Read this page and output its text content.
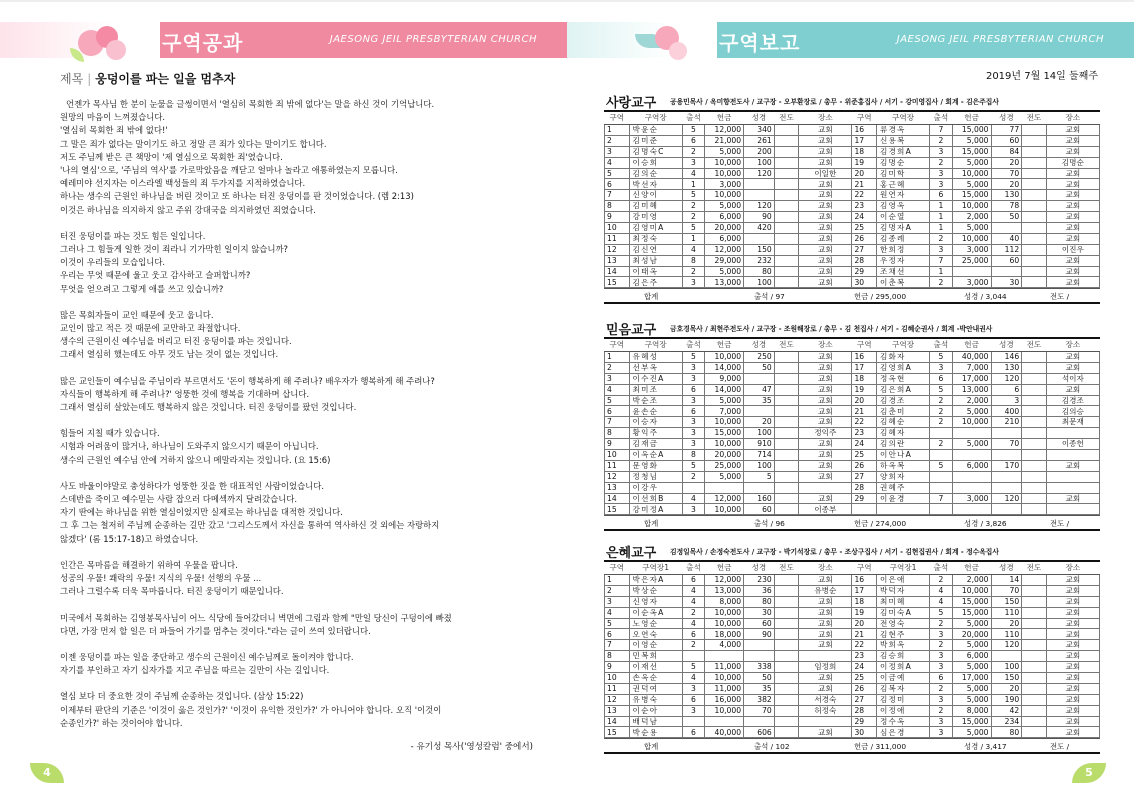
구역공과	JAESONG JEIL PRESBYTERIAN CHURCH
제목 | 웅덩이를 파는 일을 멈추자

언젠가 목사님 한 분이 눈물을 글썽이면서 '열심히 목회한 죄 밖에 없다'는 말을 하신 것이 기억납니다.
원망의 마음이 느껴졌습니다.
'열심히 목회한 죄 밖에 없다!'
그 말은 죄가 없다는 말이기도 하고 정말 큰 죄가 있다는 말이기도 합니다.
저도 주님께 받은 큰 책망이 '제 열심으로 목회한 죄'였습니다.
'나의 열심'으로, '주님의 역사'를 가로막았음을 깨닫고 얼마나 놀라고 애통하였는지 모릅니다.
예레미야 선지자는 이스라엘 백성들의 죄 두가지를 지적하였습니다.
하나는 생수의 근원인 하나님을 버린 것이고 또 하나는 터진 웅덩이를 판 것이었습니다. (렘 2:13)
이것은 하나님을 의지하지 않고 주위 강대국을 의지하였던 죄였습니다.

터진 웅덩이를 파는 것도 힘든 일입니다.
그러나 그 힘들게 일한 것이 죄라니 기가막힌 일이지 않습니까?
이것이 우리들의 모습입니다.
우리는 무엇 때문에 울고 웃고 감사하고 슬퍼합니까?
무엇을 얻으려고 그렇게 애를 쓰고 있습니까?

많은 목회자들이 교인 때문에 웃고 웁니다.
교인이 많고 적은 것 때문에 교만하고 좌절합니다.
생수의 근원이신 예수님을 버리고 터진 웅덩이를 파는 것입니다.
그래서 열심히 했는데도 아무 것도 남는 것이 없는 것입니다.

많은 교인들이 예수님을 주님이라 부르면서도 '돈이 행복하게 해 주려나? 배우자가 행복하게 해 주려나?
자식들이 행복하게 해 주려나?' 엉뚱한 것에 행복을 기대하며 삽니다.
그래서 열심히 살았는데도 행복하지 않은 것입니다. 터진 웅덩이를 팠던 것입니다.

힘들어 지칠 때가 있습니다.
시험과 어려움이 많거나, 하나님이 도와주지 않으시기 때문이 아닙니다.
생수의 근원인 예수님 안에 거하지 않으니 메말라지는 것입니다. (요 15:6)

사도 바울이야말로 충성하다가 엉뚱한 짓을 한 대표적인 사람이었습니다.
스데반을 죽이고 예수믿는 사람 잡으러 다메섹까지 달려갔습니다.
자기 딴에는 하나님을 위한 열심이었지만 실제로는 하나님을 대적한 것입니다.
그 후 그는 철저히 주님께 순종하는 길만 갔고 '그리스도께서 자신을 통하여 역사하신 것 외에는 자랑하지
않겠다' (롬 15:17-18)고 하였습니다.

인간은 목마름을 해결하기 위하여 우물을 팝니다.
성공의 우물! 쾌락의 우물! 지식의 우물! 선행의 우물 ...
그러나 그럴수록 더욱 목마릅니다. 터진 웅덩이기 때문입니다.

미국에서 목회하는 김영봉목사님이 어느 식당에 들어갔더니 벽면에 그림과 함께 "만일 당신이 구덩이에 빠졌
다면, 가장 먼저 할 일은 더 파들어 가기를 멈추는 것이다."라는 글이 쓰여 있더랍니다.

이젠 웅덩이를 파는 일을 중단하고 생수의 근원이신 예수님께로 돌이켜야 합니다.
자기를 부인하고 자기 십자가를 지고 주님을 따르는 길만이 사는 길입니다.

열심 보다 더 중요한 것이 주님께 순종하는 것입니다. (삼상 15:22)
이제부터 판단의 기준은 '이것이 옳은 것인가?' '이것이 유익한 것인가?' 가 아니어야 합니다. 오직 '이것이
순종인가?' 하는 것이어야 합니다.

- 유기성 목사('영성칼럼' 중에서)
4
구역보고	JAESONG JEIL PRESBYTERIAN CHURCH
2019년 7월 14일 둘째주
사랑교구 공용민목사 / 옥미향전도사 / 교구장 - 오부환장로 / 총무 - 위준홍집사 / 서기 - 강미영집사 / 회계 - 김은주집사
구역	구역장	출석	헌금	성경	전도	장소	구역	구역장	출석	헌금	성경	전도	장소
1	박윤순	5	12,000	340		교회	16	류경옥	7	15,000	77		교회
2	김미준	6	21,000	261		교회	17	신용복	2	5,000	60		교회
3	김명숙C	2	5,000	200		교회	18	김경희A	3	15,000	84		교회
4	이승희	3	10,000	100		교회	19	김명순	2	5,000	20		김명순
5	김의순	4	10,000	120		이일한	20	김미학	3	10,000	70		교회
6	박선자	1	3,000			교회	21	홍근혜	3	5,000	20		교회
7	신양이	5	10,000			교회	22	원연자	6	15,000	130		교회
8	김미혜	2	5,000	120		교회	23	김영옥	1	10,000	78		교회
9	강미영	2	6,000	90		교회	24	이순열	1	2,000	50		교회
10	김영미A	5	20,000	420		교회	25	김명자A	1	5,000			교회
11	최정숙	1	6,000			교회	26	김종례	2	10,000	40		교회
12	김신연	4	12,000	150		교회	27	한희정	3	3,000	112		이진우
13	최성남	8	29,000	232		교회	28	우정자	7	25,000	60		교회
14	이태옥	2	5,000	80		교회	29	조채선	1				교회
15	김은주	3	13,000	100		교회	30	이춘복	2	3,000	30		교회
합계	출석 / 97	헌금 / 295,000	성경 / 3,044	전도 /
믿음교구 금호경목사 / 최현주전도사 / 교구장 - 조원해장로 / 총무 - 김 천집사 / 서기 - 김혜순권사 / 회계 -박안내권사
구역	구역장	출석	헌금	성경	전도	장소	구역	구역장	출석	헌금	성경	전도	장소
1	유혜성	5	10,000	250		교회	16	김화자	5	40,000	146		교회
2	선부옥	3	14,000	50		교회	17	김영희A	3	7,000	130		교회
3	이수진A	3	9,000			교회	18	정옥현	6	17,000	120		석이자
4	최미조	6	14,000	47		교회	19	김은희A	5	13,000	6		교회
5	박순조	3	5,000	35		교회	20	김경조	2	2,000	3		김경조
6	윤손순	6	7,000			교회	21	김춘미	2	5,000	400		김의승
7	이승자	3	10,000	20		교회	22	김혜순	2	10,000	210		최문재
8	황익주	3	15,000	100		정익주	23	김혜자					
9	김재금	3	10,000	910		교회	24	김의란	2	5,000	70		이종헌
10	이옥순A	8	20,000	714		교회	25	이안나A					
11	문영화	5	25,000	100		교회	26	하옥복	5	6,000	170		교회
12	정청님	2	5,000	5		교회	27	양희자					
13	이강우						28	권혜주					
14	이선희B	4	12,000	160		교회	29	이윤경	7	3,000	120		교회
15	강미정A	3	10,000	60		이종부							
합계	출석 / 96	헌금 / 274,000	성경 / 3,826	전도 /
은혜교구 김정일목사 / 손정숙전도사 / 교구장 - 박기석장로 / 총무 - 조상구집사 / 서기 - 김현집권사 / 회계 - 정수옥집사
구역	구역장1	출석	헌금	성경	전도	장소	구역	구역장1	출석	헌금	성경	전도	장소
1	박은자A	6	12,000	230		교회	16	이은애	2	2,000	14		교회
2	박상순	4	13,000	36		유병순	17	박덕자	4	10,000	70		교회
3	신영자	4	8,000	80		교회	18	최미혜	4	15,000	150		교회
4	이순옥A	2	10,000	30		교회	19	김미숙A	5	15,000	110		교회
5	노영순	4	10,000	60		교회	20	전영숙	2	5,000	20		교회
6	오연숙	6	18,000	90		교회	21	김현주	3	20,000	110		교회
7	이영순	2	4,000			교회	22	박희옥	2	5,000	120		교회
8	민복희						23	김승희	3	6,000			교회
9	이재선	5	11,000	338		임정희	24	이정희A	3	5,000	100		교회
10	손옥순	4	10,000	50		교회	25	이금예	6	17,000	150		교회
11	권덕여	3	11,000	35		교회	26	김복자	2	5,000	20		교회
12	유병숙	6	16,000	382		서경숙	27	김정미	3	5,000	190		교회
13	이순아	3	10,000	70		허정숙	28	이정애	2	8,000	42		교회
14	배덕남						29	정수옥	3	15,000	234		교회
15	박순용	6	40,000	606		교회	30	심은경	3	5,000	80		교회
합계	출석 / 102	헌금 / 311,000	성경 / 3,417	전도 /
5
